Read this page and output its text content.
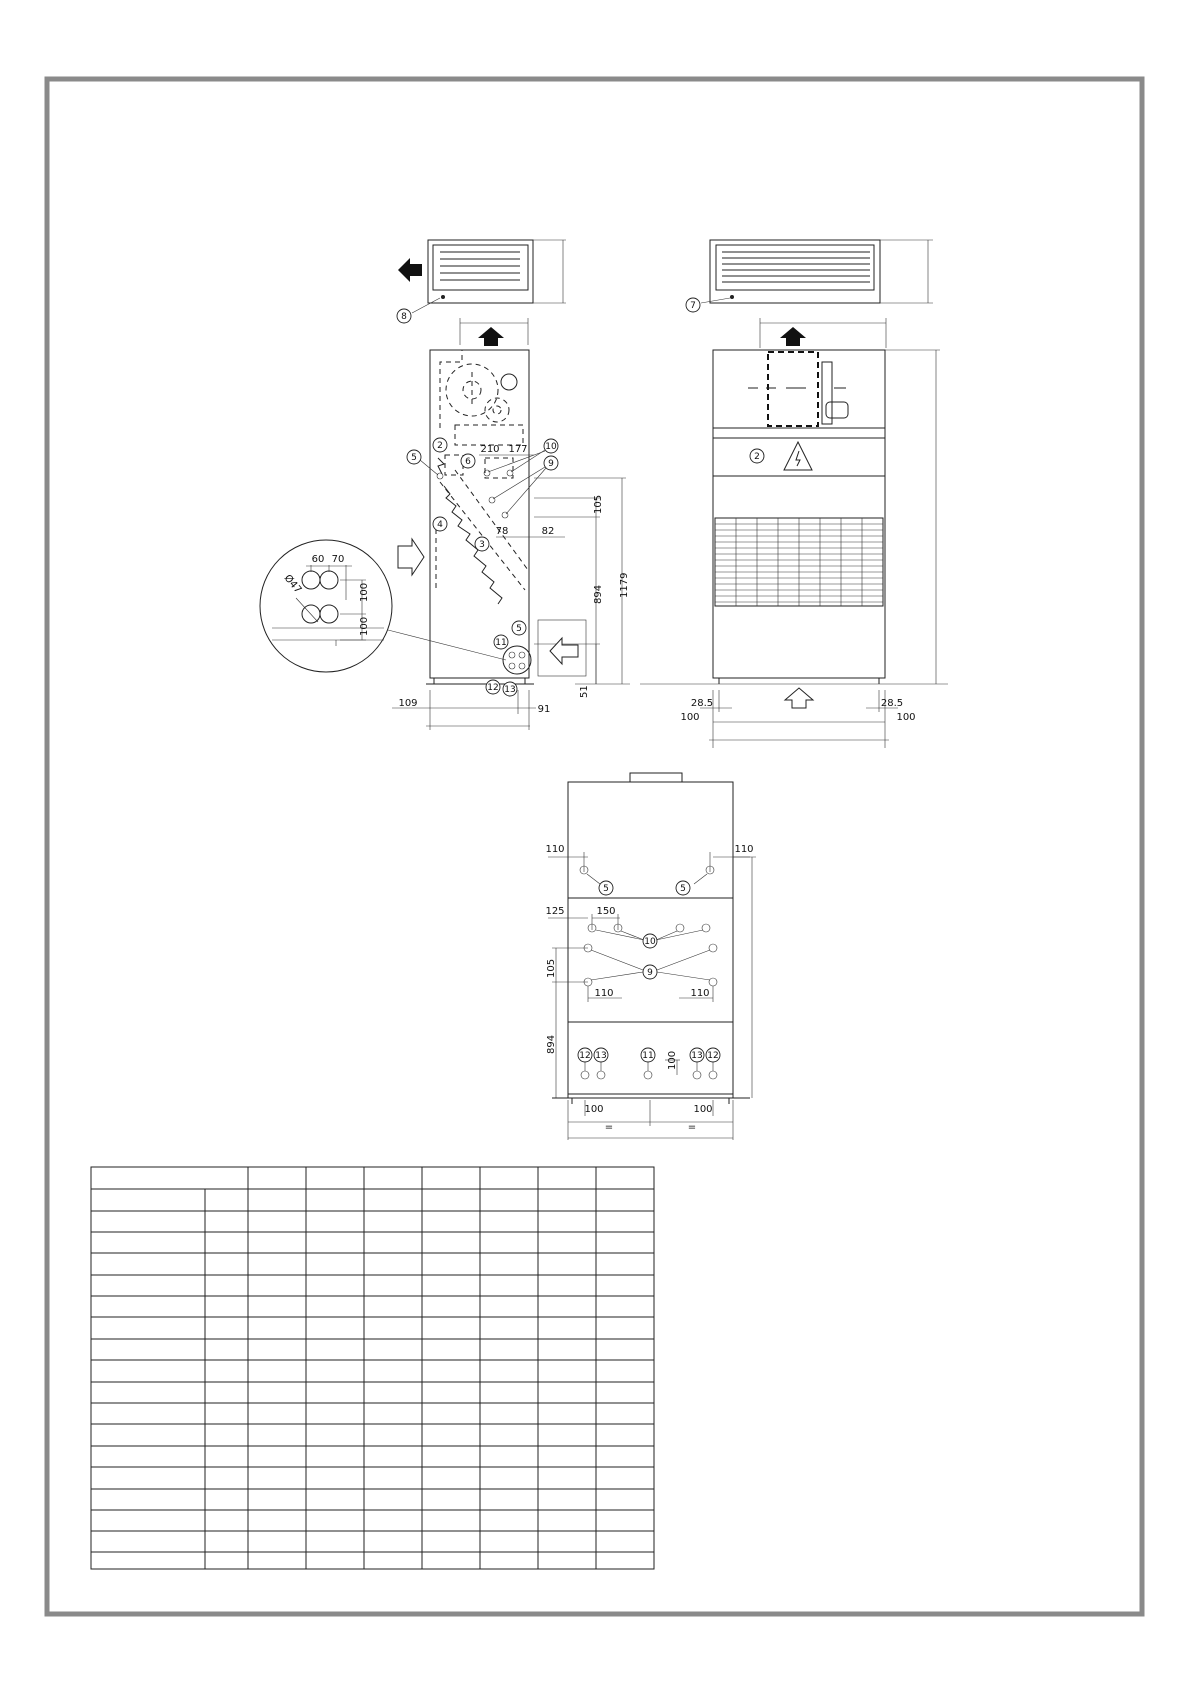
8
210 177 10
9
2
5	6
4
3
105
78	82
894 1179
51
5
11
12 13
109
91
60 70
100
100
Ø47
7
2
28.5
100
28.5
100
110	110
5	5
125	150
10
9
105
110	110
894
12 13	11	13 12
100
100	100
=	=
